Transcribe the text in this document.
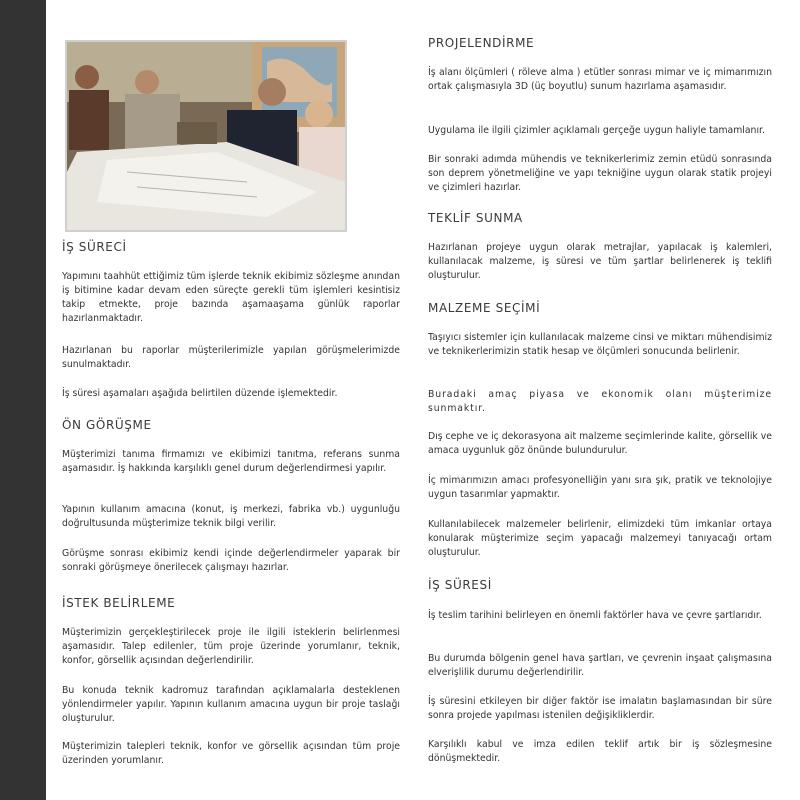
İŞ SÜRECİ

Yapımını taahhüt ettiğimiz tüm işlerde teknik ekibimiz sözleşme anından iş bitimine kadar devam eden süreçte gerekli tüm işlemleri kesintisiz takip etmekte, proje bazında aşamaaşama günlük raporlar hazırlanmaktadır.

Hazırlanan bu raporlar müşterilerimizle yapılan görüşmelerimizde sunulmaktadır.

İş süresi aşamaları aşağıda belirtilen düzende işlemektedir.

ÖN GÖRÜŞME

Müşterimizi tanıma firmamızı ve ekibimizi tanıtma, referans sunma aşamasıdır. İş hakkında karşılıklı genel durum değerlendirmesi yapılır.

Yapının kullanım amacına (konut, iş merkezi, fabrika vb.) uygunluğu doğrultusunda müşterimize teknik bilgi verilir.

Görüşme sonrası ekibimiz kendi içinde değerlendirmeler yaparak bir sonraki görüşmeye önerilecek çalışmayı hazırlar.

İSTEK BELİRLEME

Müşterimizin gerçekleştirilecek proje ile ilgili isteklerin belirlenmesi aşamasıdır. Talep edilenler, tüm proje üzerinde yorumlanır, teknik, konfor, görsellik açısından değerlendirilir.

Bu konuda teknik kadromuz tarafından açıklamalarla desteklenen yönlendirmeler yapılır. Yapının kullanım amacına uygun bir proje taslağı oluşturulur.

Müşterimizin talepleri teknik, konfor ve görsellik açısından tüm proje üzerinden yorumlanır.

PROJELENDİRME

İş alanı ölçümleri ( röleve alma ) etütler sonrası mimar ve iç mimarımızın ortak çalışmasıyla 3D (üç boyutlu) sunum hazırlama aşamasıdır.

Uygulama ile ilgili çizimler açıklamalı gerçeğe uygun haliyle tamamlanır.

Bir sonraki adımda mühendis ve teknikerlerimiz zemin etüdü sonrasında son deprem yönetmeliğine ve yapı tekniğine uygun olarak statik projeyi ve çizimleri hazırlar.

TEKLİF SUNMA

Hazırlanan projeye uygun olarak metrajlar, yapılacak iş kalemleri, kullanılacak malzeme, iş süresi ve tüm şartlar belirlenerek iş teklifi oluşturulur.

MALZEME SEÇİMİ

Taşıyıcı sistemler için kullanılacak malzeme cinsi ve miktarı mühendisimiz ve teknikerlerimizin statik hesap ve ölçümleri sonucunda belirlenir.

Buradaki amaç piyasa ve ekonomik olanı müşterimize sunmaktır.

Dış cephe ve iç dekorasyona ait malzeme seçimlerinde kalite, görsellik ve amaca uygunluk göz önünde bulundurulur.

İç mimarımızın amacı profesyonelliğin yanı sıra şık, pratik ve teknolojiye uygun tasarımlar yapmaktır.

Kullanılabilecek malzemeler belirlenir, elimizdeki tüm imkanlar ortaya konularak müşterimize seçim yapacağı malzemeyi tanıyacağı ortam oluşturulur.

İŞ SÜRESİ

İş teslim tarihini belirleyen en önemli faktörler hava ve çevre şartlarıdır.

Bu durumda bölgenin genel hava şartları, ve çevrenin inşaat çalışmasına elverişlilik durumu değerlendirilir.

İş süresini etkileyen bir diğer faktör ise imalatın başlamasından bir süre sonra projede yapılması istenilen değişikliklerdir.

Karşılıklı kabul ve imza edilen teklif artık bir iş sözleşmesine dönüşmektedir.
